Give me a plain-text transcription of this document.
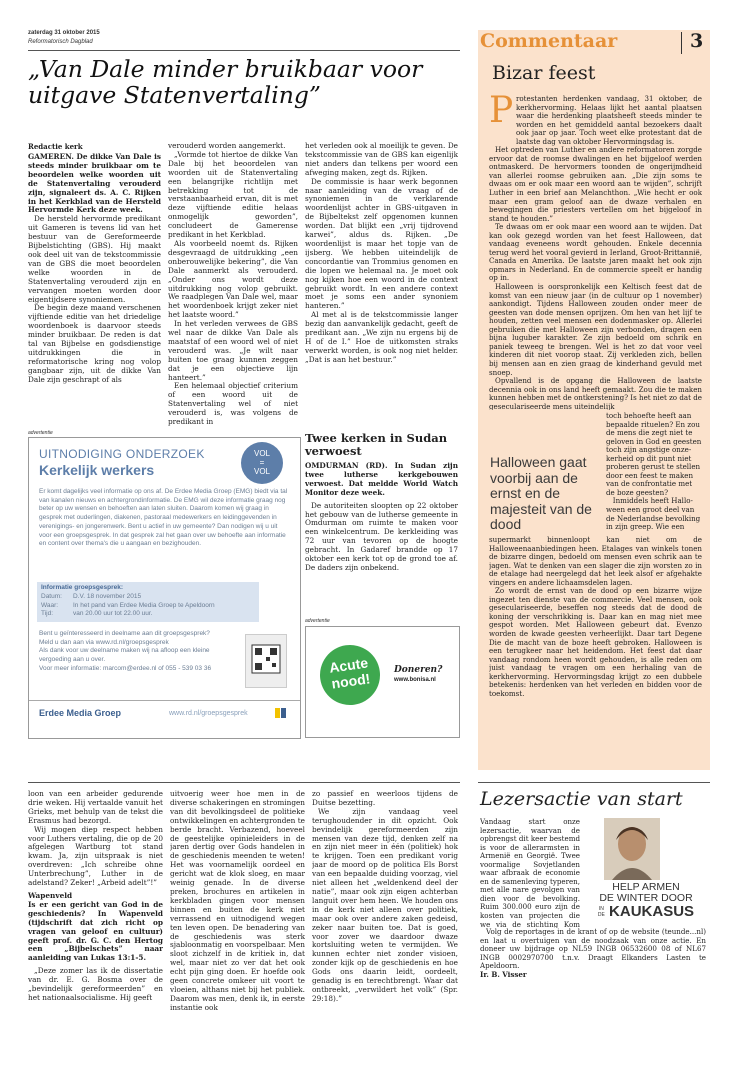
zaterdag 31 oktober 2015
Reformatorisch Dagblad
„Van Dale minder bruikbaar voor uitgave Statenvertaling”
Redactie kerk

GAMEREN. De dikke Van Dale is steeds minder bruikbaar om te beoordelen welke woorden uit de Statenvertaling verouderd zijn, signaleert ds. A. C. Rijken in het Kerkblad van de Hersteld Hervormde Kerk deze week.

De hersteld hervormde predikant uit Gameren is tevens lid van het bestuur van de Gereformeerde Bijbelstichting (GBS). Hij maakt ook deel uit van de tekstcommissie van de GBS die moet beoordelen welke woorden in de Statenvertaling verouderd zijn en vervangen moeten worden door eigentijdsere synoniemen.

De begin deze maand verschenen vijftiende editie van het driedelige woordenboek is daarvoor steeds minder bruikbaar. De reden is dat tal van Bijbelse en godsdienstige uitdrukkingen die in reformatorische kring nog volop gangbaar zijn, uit de dikke Van Dale zijn geschrapt of als

verouderd worden aangemerkt.

„Vormde tot hiertoe de dikke Van Dale bij het beoordelen van woorden uit de Statenvertaling een belangrijke richtlijn met betrekking tot de verstaanbaarheid ervan, dit is met deze vijftiende editie helaas onmogelijk geworden”, concludeert de Gamerense predikant in het Kerkblad.

Als voorbeeld noemt ds. Rijken desgevraagd de uitdrukking „een onberouwelijke bekering”, die Van Dale aanmerkt als verouderd. „Onder ons wordt deze uitdrukking nog volop gebruikt. We raadplegen Van Dale wel, maar het woordenboek krijgt zeker niet het laatste woord.”

In het verleden verwees de GBS wel naar de dikke Van Dale als maatstaf of een woord wel of niet verouderd was. „Je wilt naar buiten toe graag kunnen zeggen dat je een objectieve lijn hanteert.”

Een helemaal objectief criterium of een woord uit de Statenvertaling wel of niet verouderd is, was volgens de predikant in

het verleden ook al moeilijk te geven. De tekstcommissie van de GBS kan eigenlijk niet anders dan telkens per woord een afweging maken, zegt ds. Rijken.

De commissie is haar werk begonnen naar aanleiding van de vraag of de synoniemen in de verklarende woordenlijst achter in GBS-uitgaven in de Bijbeltekst zelf opgenomen kunnen worden. Dat blijkt een „vrij tijdrovend karwei”, aldus ds. Rijken. „De woordenlijst is maar het topje van de ijsberg. We hebben uiteindelijk de concordantie van Trommius genomen en die lopen we helemaal na. Je moet ook nog kijken hoe een woord in de context gebruikt wordt. In een andere context moet je soms een ander synoniem hanteren.”

Al met al is de tekstcommissie langer bezig dan aanvankelijk gedacht, geeft de predikant aan. „We zijn nu ergens bij de H of de I.” Hoe de uitkomsten straks verwerkt worden, is ook nog niet helder. „Dat is aan het bestuur.”

advertentie
UITNODIGING ONDERZOEK
Kerkelijk werkers
VOL
=
VOL
Er komt dagelijks veel informatie op ons af. De Erdee Media Groep (EMG) biedt via tal van kanalen nieuws en achtergrondinformatie. De EMG wil deze informatie graag nog beter op uw wensen en behoeften aan laten sluiten. Daarom komen wij graag in gesprek met ouderlingen, diakenen, pastoraal medewerkers en leidinggevenden in verenigings- en jongerenwerk. Bent u actief in uw gemeente? Dan nodigen wij u uit voor een groepsgesprek. In dat gesprek zal het gaan over uw behoefte aan informatie en content over thema's die u aangaan en bezighouden.
Informatie groepsgesprek:
Datum: D.V. 18 november 2015
Waar: In het pand van Erdee Media Groep te Apeldoorn
Tijd:	van 20.00 uur tot 22.00 uur.
Bent u geïnteresseerd in deelname aan dit groepsgesprek?
Meld u dan aan via www.rd.nl/groepsgesprek
Als dank voor uw deelname maken wij na afloop een kleine
vergoeding aan u over.
Voor meer informatie: marcom@erdee.nl of 055 - 539 03 36
Erdee Media Groep	www.rd.nl/groepsgesprek
Twee kerken in Sudan verwoest

OMDURMAN (RD). In Sudan zijn twee lutherse kerkgebouwen verwoest. Dat meldde World Watch Monitor deze week.

De autoriteiten sloopten op 22 oktober het gebouw van de lutherse gemeente in Omdurman om ruimte te maken voor een winkelcentrum. De kerkleiding was 72 uur van tevoren op de hoogte gebracht. In Gadaref brandde op 17 oktober een kerk tot op de grond toe af. De daders zijn onbekend.

advertentie
Acute
nood!
Doneren?
www.bonisa.nl
Commentaar	3
Bizar feest
P rotestanten herdenken vandaag, 31 oktober, de kerkhervorming. Helaas lijkt het aantal plaatsen waar die herdenking plaatsheeft steeds minder te worden en het gemiddeld aantal bezoekers daalt ook jaar op jaar. Toch weet elke protestant dat de laatste dag van oktober Hervormingsdag is.

Het optreden van Luther en andere reformatoren zorgde ervoor dat de roomse dwalingen en het bijgeloof werden ontmaskerd. De hervormers toonden de ongerijmdheid van allerlei roomse gebruiken aan. „Die zijn soms te dwaas om er ook maar een woord aan te wijden”, schrijft Luther in een brief aan Melanchthon. „Wie hecht er ook maar een gram geloof aan de dwaze verhalen en bewegingen die priesters vertellen om het bijgeloof in stand te houden.”

Te dwaas om er ook maar een woord aan te wijden. Dat kan ook gezegd worden van het feest Halloween, dat vandaag eveneens wordt gehouden. Enkele decennia terug werd het vooral gevierd in Ierland, Groot-Brittannië, Canada en Amerika. De laatste jaren maakt het ook zijn opmars in Nederland. En de commercie speelt er handig op in.

Halloween is oorspronkelijk een Keltisch feest dat de komst van een nieuw jaar (in de cultuur op 1 november) aankondigt. Tijdens Halloween zouden onder meer de geesten van dode mensen oprijzen. Om hen van het lijf te houden, zetten veel mensen een dodenmasker op. Allerlei gebruiken die met Halloween zijn verbonden, dragen een bijna luguber karakter. Ze zijn bedoeld om schrik en paniek teweeg te brengen. Wel is het zo dat voor veel kinderen dit niet voorop staat. Zij verkleden zich, bellen bij mensen aan en zien graag de kinderhand gevuld met snoep.

Opvallend is de opgang die Halloween de laatste decennia ook in ons land heeft gemaakt. Zou die te maken kunnen hebben met de ontkerstening? Is het niet zo dat de geseculariseerde mens uiteindelijk

Halloween gaat voorbij aan de ernst en de majesteit van de dood
toch behoefte heeft aan
bepaalde rituelen? En zou
de mens die zegt niet te
geloven in God en geesten
toch zijn angstige onze-
kerheid op dit punt niet
proberen gerust te stellen
door een feest te maken
van de confrontatie met
de boze geesten?
Inmiddels heeft Hallo-
ween een groot deel van
de Nederlandse bevolking
in zijn greep. Wie een

supermarkt binnenloopt kan niet om de Halloweenaanbiedingen heen. Etalages van winkels tonen de bizarre dingen, bedoeld om mensen even schrik aan te jagen. Wat te denken van een slager die zijn worsten zo in de etalage had neergelegd dat het leek alsof er afgehakte vingers en andere lichaamsdelen lagen.

Zo wordt de ernst van de dood op een bizarre wijze ingezet ten dienste van de commercie. Veel mensen, ook geseculariseerde, beseffen nog steeds dat de dood de koning der verschrikking is. Daar kan en mag niet mee gespot worden. Met Halloween gebeurt dat. Evenzo worden de kwade geesten verheerlijkt. Daar tart Degene Die de macht van de boze heeft gebroken. Halloween is een terugkeer naar het heidendom. Het feest dat daar vandaag rondom heen wordt gehouden, is alle reden om juist vandaag te vragen om een herhaling van de kerkhervorming. Hervormingsdag krijgt zo een dubbele betekenis: herdenken van het verleden en bidden voor de toekomst.

loon van een arbeider gedurende drie weken. Hij vertaalde vanuit het Grieks, met behulp van de tekst die Erasmus had bezorgd.

Wij mogen diep respect hebben voor Luthers vertaling, die op de 20 afgelegen Wartburg tot stand kwam. Ja, zijn uitspraak is niet overdreven: „Ich schreibe ohne Unterbrechung”, Luther in de adelstand? Zeker! „Arbeid adelt”!”

Wapenveld

Is er een gericht van God in de geschiedenis? In Wapenveld (tijdschrift dat zich richt op vragen van geloof en cultuur) geeft prof. dr. G. C. den Hertog een „Bijbelschets” naar aanleiding van Lukas 13:1-5.

„Deze zomer las ik de dissertatie van dr. E. G. Bosma over de „bevindelijk gereformeerden” en het nationaalsocialisme. Hij geeft

uitvoerig weer hoe men in de diverse schakeringen en stromingen van dit bevolkingsdeel de politieke ontwikkelingen en achtergronden te berde bracht. Verbazend, hoeveel de geestelijke opinieleiders in de jaren dertig over Gods handelen in de geschiedenis meenden te weten! Het was voornamelijk oordeel en gericht wat de klok sloeg, en maar weinig genade. In de diverse preken, brochures en artikelen in kerkbladen gingen voor mensen binnen en buiten de kerk niet verrassend en uitnodigend wegen ten leven open. De benadering van de geschiedenis was sterk sjabloonmatig en voorspelbaar. Men sloot zichzelf in de kritiek in, dat wel, maar niet zo ver dat het ook echt pijn ging doen. Er hoefde ook geen concrete omkeer uit voort te vloeien, althans niet bij het publiek. Daarom was men, denk ik, in eerste instantie ook

zo passief en weerloos tijdens de Duitse bezetting.

We zijn vandaag veel terughoudender in dit opzicht. Ook bevindelijk gereformeerden zijn mensen van deze tijd, denken zelf na en zijn niet meer in één (politiek) hok te krijgen. Toen een predikant vorig jaar de moord op de politica Els Borst van een bepaalde duiding voorzag, viel niet alleen het „weldenkend deel der natie”, maar ook zijn eigen achterban languit over hem heen. We houden ons in de kerk niet alleen over politiek, maar ook over andere zaken gedeisd, zeker naar buiten toe. Dat is goed, voor zover we daardoor dwaze kortsluiting weten te vermijden. We kunnen echter niet zonder visioen, zonder kijk op de geschiedenis en hoe Gods ons daarin leidt, oordeelt, genadig is en terechtbrengt. Waar dat ontbreekt, „verwildert het volk” (Spr. 29:18).”

Lezersactie van start

Vandaag start onze lezersactie, waarvan de opbrengst dit keer bestemd is voor de allerarmsten in Armenië en Georgië. Twee voormalige Sovjetlanden waar afbraak de economie en de samenleving typeren, met alle nare gevolgen van dien voor de bevolking. Ruim 300.000 euro zijn de kosten van projecten die we via de stichting Kom

HELP ARMEN
DE WINTER DOOR
IN
DE KAUKASUS

Volg de reportages in de krant of op de website (teunde...nl) en laat u overtuigen van de noodzaak van onze actie. En doneer uw bijdrage op NL59 INGB 06532600 08 of NL67 INGB 0002970700 t.n.v. Draagt Elkanders Lasten te Apeldoorn.

Ir. B. Visser
